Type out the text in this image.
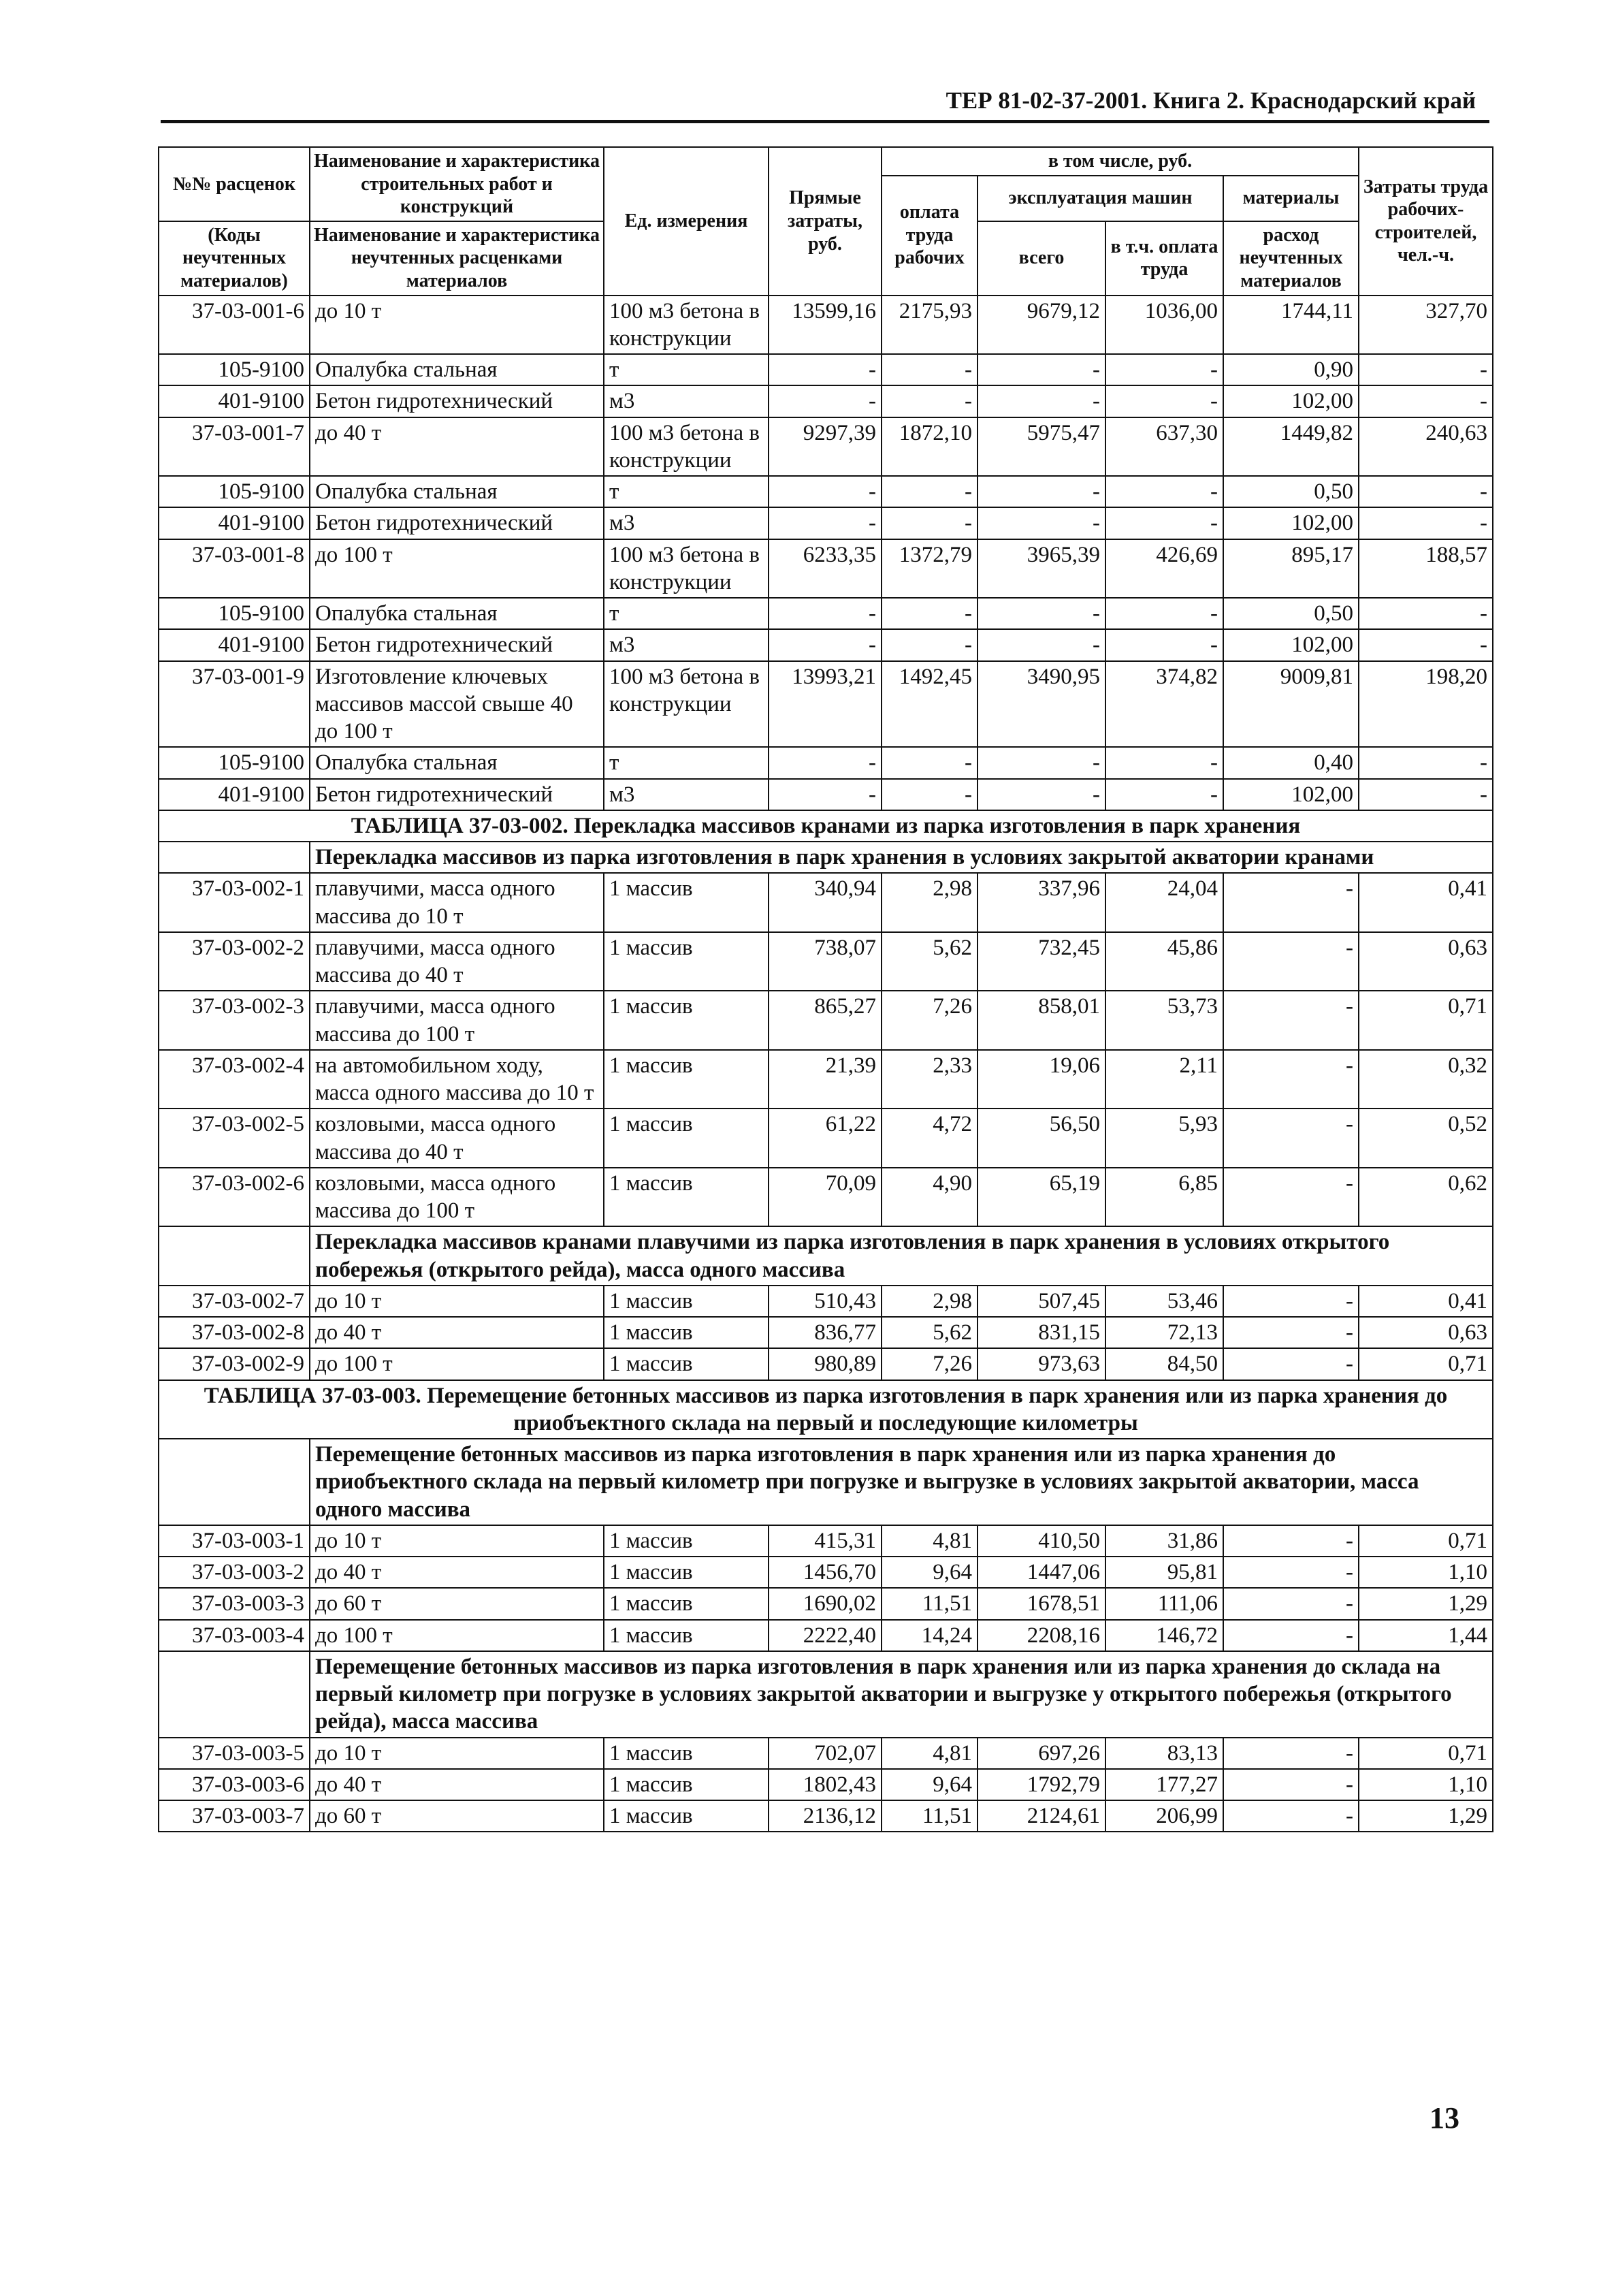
ТЕР 81-02-37-2001. Книга 2. Краснодарский край
№№ расценок	Наименование и характеристика строительных работ и конструкций	Ед. измерения	Прямые затраты, руб.	в том числе, руб.				Затраты труда рабочих-строителей, чел.-ч.
				оплата труда рабочих	эксплуатация машин		материалы	
(Коды неучтенных материалов)	Наименование и характеристика неучтенных расценками материалов				всего	в т.ч. оплата труда	расход неучтенных материалов	

37-03-001-6	до 10 т	100 м3 бетона в конструкции	13599,16	2175,93	9679,12	1036,00	1744,11	327,70
105-9100	Опалубка стальная	т	-	-	-	-	0,90	-
401-9100	Бетон гидротехнический	м3	-	-	-	-	102,00	-
37-03-001-7	до 40 т	100 м3 бетона в конструкции	9297,39	1872,10	5975,47	637,30	1449,82	240,63
105-9100	Опалубка стальная	т	-	-	-	-	0,50	-
401-9100	Бетон гидротехнический	м3	-	-	-	-	102,00	-
37-03-001-8	до 100 т	100 м3 бетона в конструкции	6233,35	1372,79	3965,39	426,69	895,17	188,57
105-9100	Опалубка стальная	т	-	-	-	-	0,50	-
401-9100	Бетон гидротехнический	м3	-	-	-	-	102,00	-
37-03-001-9	Изготовление ключевых массивов массой свыше 40 до 100 т	100 м3 бетона в конструкции	13993,21	1492,45	3490,95	374,82	9009,81	198,20
105-9100	Опалубка стальная	т	-	-	-	-	0,40	-
401-9100	Бетон гидротехнический	м3	-	-	-	-	102,00	-
ТАБЛИЦА 37-03-002. Перекладка массивов кранами из парка изготовления в парк хранения								
	Перекладка массивов из парка изготовления в парк хранения в условиях закрытой акватории кранами							
37-03-002-1	плавучими, масса одного массива до 10 т	1 массив	340,94	2,98	337,96	24,04	-	0,41
37-03-002-2	плавучими, масса одного массива до 40 т	1 массив	738,07	5,62	732,45	45,86	-	0,63
37-03-002-3	плавучими, масса одного массива до 100 т	1 массив	865,27	7,26	858,01	53,73	-	0,71
37-03-002-4	на автомобильном ходу, масса одного массива до 10 т	1 массив	21,39	2,33	19,06	2,11	-	0,32
37-03-002-5	козловыми, масса одного массива до 40 т	1 массив	61,22	4,72	56,50	5,93	-	0,52
37-03-002-6	козловыми, масса одного массива до 100 т	1 массив	70,09	4,90	65,19	6,85	-	0,62
	Перекладка массивов кранами плавучими из парка изготовления в парк хранения в условиях открытого побережья (открытого рейда), масса одного массива							
37-03-002-7	до 10 т	1 массив	510,43	2,98	507,45	53,46	-	0,41
37-03-002-8	до 40 т	1 массив	836,77	5,62	831,15	72,13	-	0,63
37-03-002-9	до 100 т	1 массив	980,89	7,26	973,63	84,50	-	0,71
ТАБЛИЦА 37-03-003. Перемещение бетонных массивов из парка изготовления в парк хранения или из парка хранения до приобъектного склада на первый и последующие километры								
	Перемещение бетонных массивов из парка изготовления в парк хранения или из парка хранения до приобъектного склада на первый километр при погрузке и выгрузке в условиях закрытой акватории, масса одного массива							
37-03-003-1	до 10 т	1 массив	415,31	4,81	410,50	31,86	-	0,71
37-03-003-2	до 40 т	1 массив	1456,70	9,64	1447,06	95,81	-	1,10
37-03-003-3	до 60 т	1 массив	1690,02	11,51	1678,51	111,06	-	1,29
37-03-003-4	до 100 т	1 массив	2222,40	14,24	2208,16	146,72	-	1,44
	Перемещение бетонных массивов из парка изготовления в парк хранения или из парка хранения до склада на первый километр при погрузке в условиях закрытой акватории и выгрузке у открытого побережья (открытого рейда), масса массива							
37-03-003-5	до 10 т	1 массив	702,07	4,81	697,26	83,13	-	0,71
37-03-003-6	до 40 т	1 массив	1802,43	9,64	1792,79	177,27	-	1,10
37-03-003-7	до 60 т	1 массив	2136,12	11,51	2124,61	206,99	-	1,29
13
